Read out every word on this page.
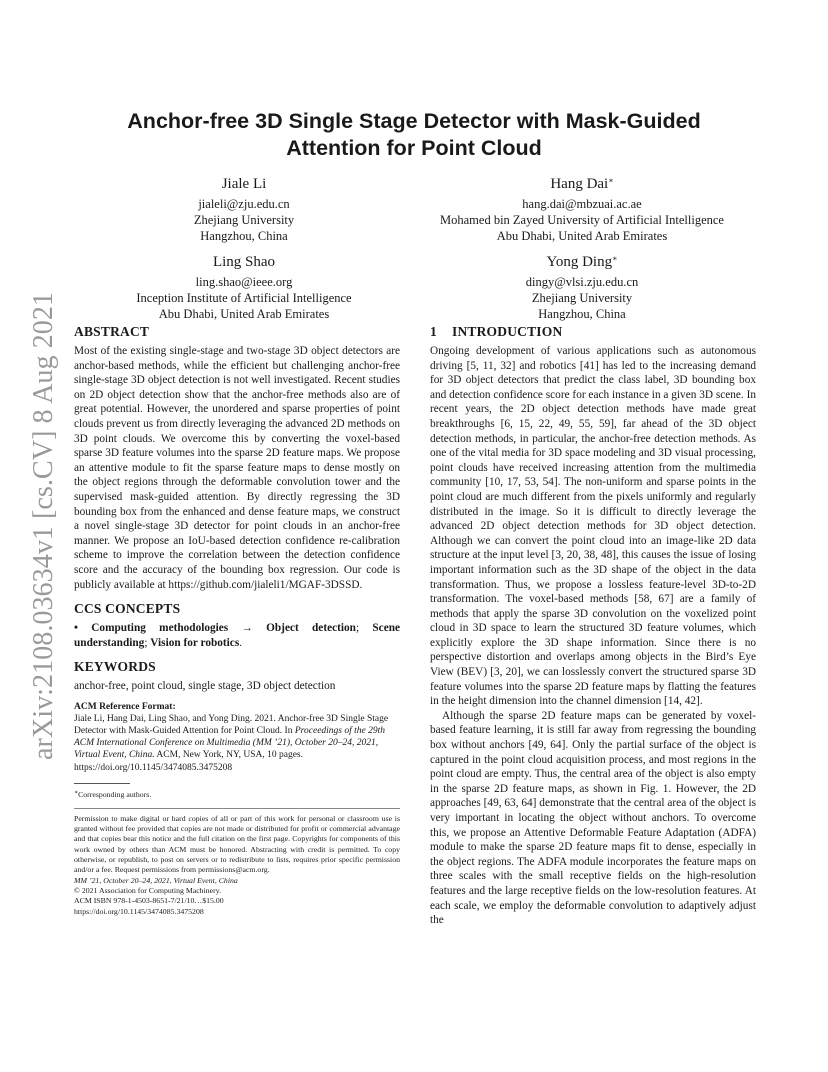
arXiv:2108.03634v1 [cs.CV] 8 Aug 2021
Anchor-free 3D Single Stage Detector with Mask-Guided
Attention for Point Cloud
Jiale Li
jialeli@zju.edu.cn
Zhejiang University
Hangzhou, China
Hang Dai∗
hang.dai@mbzuai.ac.ae
Mohamed bin Zayed University of Artificial Intelligence
Abu Dhabi, United Arab Emirates
Ling Shao
ling.shao@ieee.org
Inception Institute of Artificial Intelligence
Abu Dhabi, United Arab Emirates
Yong Ding∗
dingy@vlsi.zju.edu.cn
Zhejiang University
Hangzhou, China
ABSTRACT

Most of the existing single-stage and two-stage 3D object detectors are anchor-based methods, while the efficient but challenging anchor-free single-stage 3D object detection is not well investigated. Recent studies on 2D object detection show that the anchor-free methods also are of great potential. However, the unordered and sparse properties of point clouds prevent us from directly leveraging the advanced 2D methods on 3D point clouds. We overcome this by converting the voxel-based sparse 3D feature volumes into the sparse 2D feature maps. We propose an attentive module to fit the sparse feature maps to dense mostly on the object regions through the deformable convolution tower and the supervised mask-guided attention. By directly regressing the 3D bounding box from the enhanced and dense feature maps, we construct a novel single-stage 3D detector for point clouds in an anchor-free manner. We propose an IoU-based detection confidence re-calibration scheme to improve the correlation between the detection confidence score and the accuracy of the bounding box regression. Our code is publicly available at https://github.com/jialeli1/MGAF-3DSSD.

CCS CONCEPTS

• Computing methodologies → Object detection; Scene understanding; Vision for robotics.

KEYWORDS

anchor-free, point cloud, single stage, 3D object detection

ACM Reference Format:

Jiale Li, Hang Dai, Ling Shao, and Yong Ding. 2021. Anchor-free 3D Single Stage Detector with Mask-Guided Attention for Point Cloud. In Proceedings of the 29th ACM International Conference on Multimedia (MM ’21), October 20–24, 2021, Virtual Event, China. ACM, New York, NY, USA, 10 pages. https://doi.org/10.1145/3474085.3475208

∗Corresponding authors.

Permission to make digital or hard copies of all or part of this work for personal or classroom use is granted without fee provided that copies are not made or distributed for profit or commercial advantage and that copies bear this notice and the full citation on the first page. Copyrights for components of this work owned by others than ACM must be honored. Abstracting with credit is permitted. To copy otherwise, or republish, to post on servers or to redistribute to lists, requires prior specific permission and/or a fee. Request permissions from permissions@acm.org.

MM ’21, October 20–24, 2021, Virtual Event, China

© 2021 Association for Computing Machinery.

ACM ISBN 978-1-4503-8651-7/21/10…$15.00

https://doi.org/10.1145/3474085.3475208

1 INTRODUCTION

Ongoing development of various applications such as autonomous driving [5, 11, 32] and robotics [41] has led to the increasing demand for 3D object detectors that predict the class label, 3D bounding box and detection confidence score for each instance in a given 3D scene. In recent years, the 2D object detection methods have made great breakthroughs [6, 15, 22, 49, 55, 59], far ahead of the 3D object detection methods, in particular, the anchor-free detection methods. As one of the vital media for 3D space modeling and 3D visual processing, point clouds have received increasing attention from the multimedia community [10, 17, 53, 54]. The non-uniform and sparse points in the point cloud are much different from the pixels uniformly and regularly distributed in the image. So it is difficult to directly leverage the advanced 2D object detection methods for 3D object detection. Although we can convert the point cloud into an image-like 2D data structure at the input level [3, 20, 38, 48], this causes the issue of losing important information such as the 3D shape of the object in the data transformation. Thus, we propose a lossless feature-level 3D-to-2D transformation. The voxel-based methods [58, 67] are a family of methods that apply the sparse 3D convolution on the voxelized point cloud in 3D space to learn the structured 3D feature volumes, which explicitly explore the 3D shape information. Since there is no perspective distortion and overlaps among objects in the Bird’s Eye View (BEV) [3, 20], we can losslessly convert the structured sparse 3D feature volumes into the sparse 2D feature maps by flatting the features in the height dimension into the channel dimension [14, 42].

Although the sparse 2D feature maps can be generated by voxel-based feature learning, it is still far away from regressing the bounding box without anchors [49, 64]. Only the partial surface of the object is captured in the point cloud acquisition process, and most regions in the point cloud are empty. Thus, the central area of the object is also empty in the sparse 2D feature maps, as shown in Fig. 1. However, the 2D approaches [49, 63, 64] demonstrate that the central area of the object is very important in locating the object without anchors. To overcome this, we propose an Attentive Deformable Feature Adaptation (ADFA) module to make the sparse 2D feature maps fit to dense, especially in the object regions. The ADFA module incorporates the feature maps on three scales with the small receptive fields on the high-resolution features and the large receptive fields on the low-resolution features. At each scale, we employ the deformable convolution to adaptively adjust the
